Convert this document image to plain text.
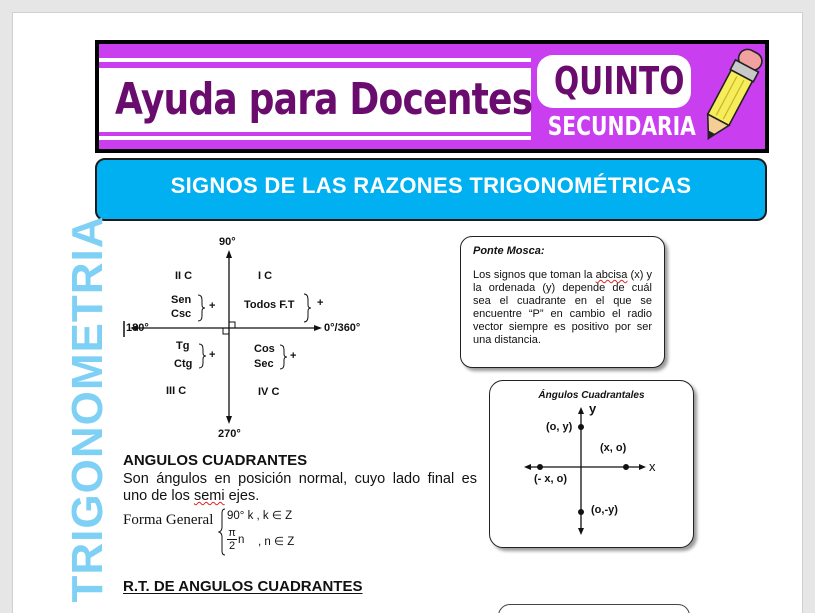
Ayuda para Docentes QUINTO
SECUNDARIA
SIGNOS DE LAS RAZONES TRIGONOMÉTRICAS
TRIGONOMETRIA	90°
270°
180°	0°/360°
I C
Todos F.T +
II C
Sen
Csc
+
III C
Tg
Ctg
+
IV C
Cos
Sec
+
Ponte Mosca:
Los signos que toman la abcisa (x) y la ordenada (y) depende de cuál sea el cuadrante en el que se encuentre “P” en cambio el radio vector siempre es positivo por ser una distancia.
Ángulos Cuadrantales
y
x
(o, y)
(x, o)
(- x, o)
(o,-y)
ANGULOS CUADRANTES
Son ángulos en posición normal, cuyo lado final es uno de los semi ejes.
Forma General 90° k , k ∈ Z
$\frac{\pi}{2}$ n , n ∈ Z
R.T. DE ANGULOS CUADRANTES
